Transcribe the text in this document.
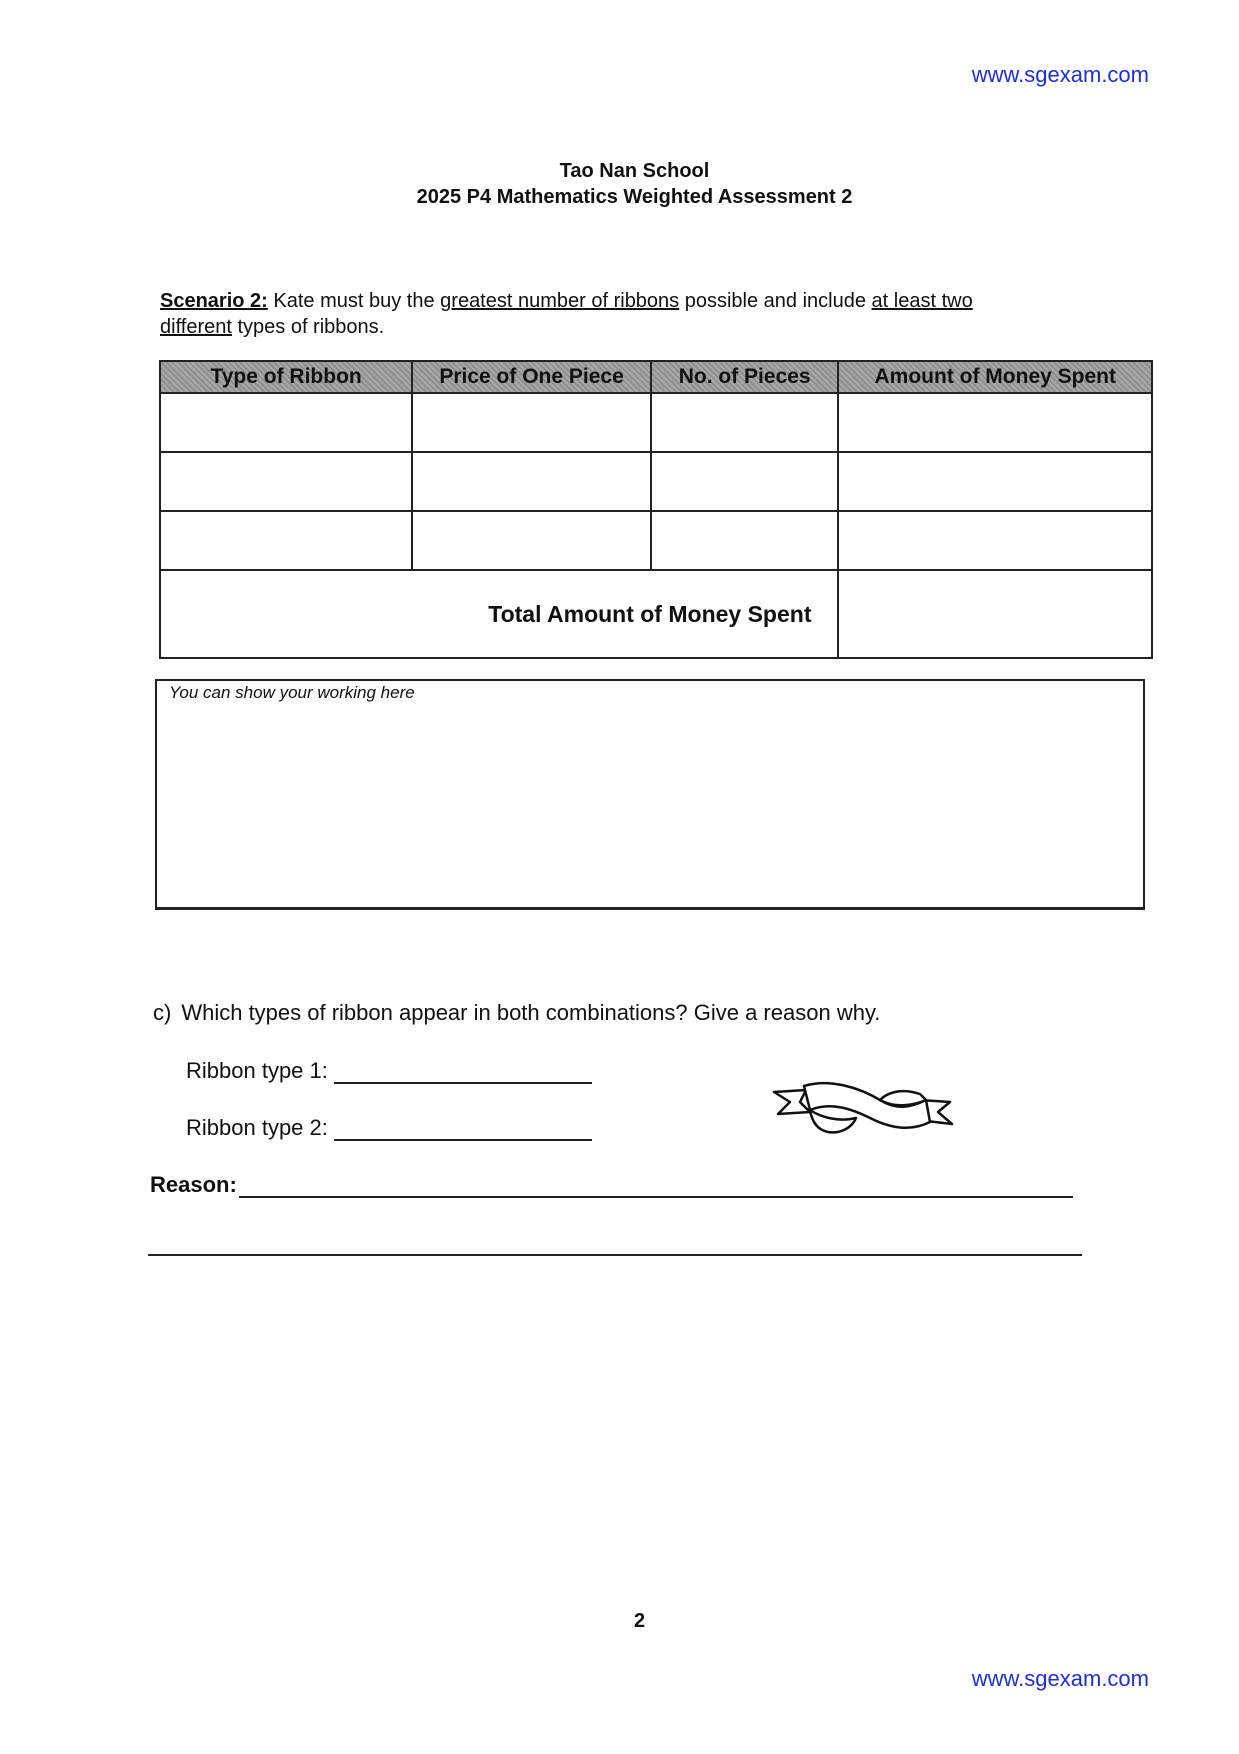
www.sgexam.com
Tao Nan School
2025 P4 Mathematics Weighted Assessment 2
Scenario 2: Kate must buy the greatest number of ribbons possible and include at least two
different types of ribbons.
Type of Ribbon	Price of One Piece	No. of Pieces	Amount of Money Spent

Total Amount of Money Spent			
You can show your working here
c) Which types of ribbon appear in both combinations? Give a reason why.
Ribbon type 1:
Ribbon type 2:
Reason:
2
www.sgexam.com
